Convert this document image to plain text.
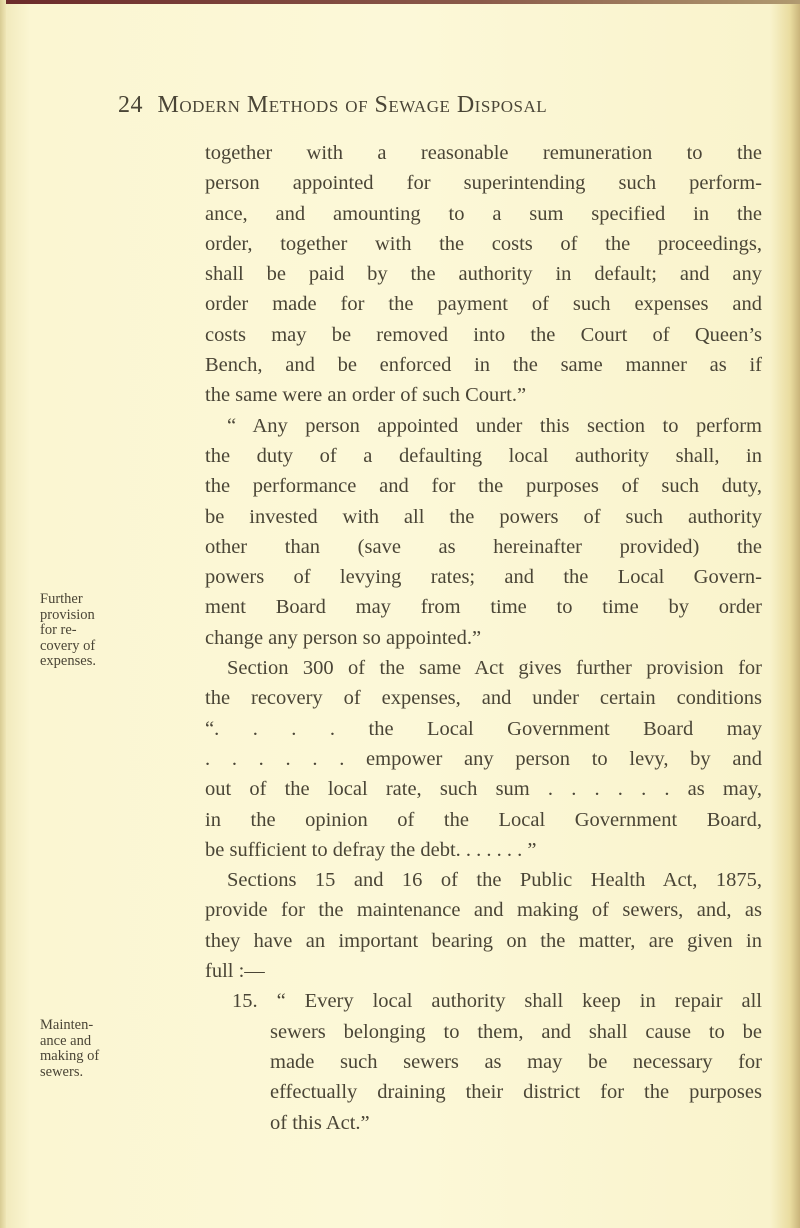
24 Modern Methods of Sewage Disposal
together with a reasonable remuneration to the
person appointed for superintending such perform-
ance, and amounting to a sum specified in the
order, together with the costs of the proceedings,
shall be paid by the authority in default; and any
order made for the payment of such expenses and
costs may be removed into the Court of Queen’s
Bench, and be enforced in the same manner as if
the same were an order of such Court.”
“ Any person appointed under this section to perform
the duty of a defaulting local authority shall, in
the performance and for the purposes of such duty,
be invested with all the powers of such authority
other than (save as hereinafter provided) the
powers of levying rates; and the Local Govern-
ment Board may from time to time by order
change any person so appointed.”
Section 300 of the same Act gives further provision for
the recovery of expenses, and under certain conditions
“. . . . the Local Government Board may
. . . . . . empower any person to levy, by and
out of the local rate, such sum . . . . . . as may,
in the opinion of the Local Government Board,
be sufficient to defray the debt. . . . . . . ”
Sections 15 and 16 of the Public Health Act, 1875,
provide for the maintenance and making of sewers, and, as
they have an important bearing on the matter, are given in
full :—
15. “ Every local authority shall keep in repair all
sewers belonging to them, and shall cause to be
made such sewers as may be necessary for
effectually draining their district for the purposes
of this Act.”
Further
provision
for re-
covery of
expenses.
Mainten-
ance and
making of
sewers.
